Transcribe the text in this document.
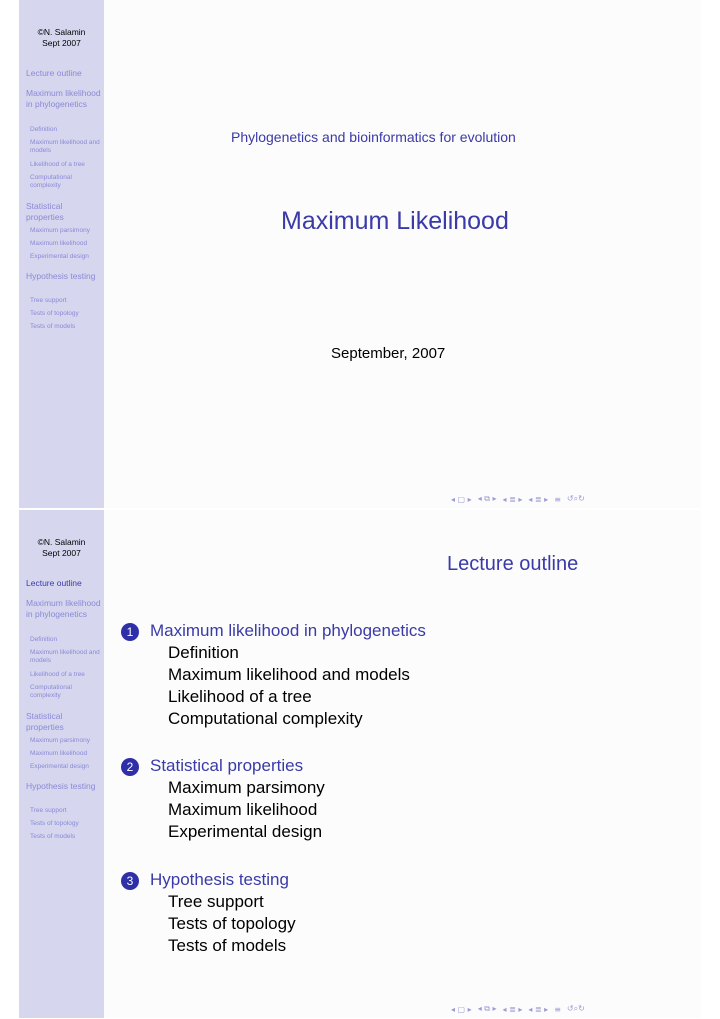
©N. Salamin
Sept 2007
Lecture outline
Maximum likelihood in phylogenetics
Definition
Maximum likelihood and models
Likelihood of a tree
Computational complexity
Statistical properties
Maximum parsimony
Maximum likelihood
Experimental design
Hypothesis testing
Tree support
Tests of topology
Tests of models
Phylogenetics and bioinformatics for evolution
Maximum Likelihood
September, 2007
◂ ▢ ▸ ◂ ⧉ ▸ ◂ ≣ ▸ ◂ ≣ ▸ ≡ ↺⌕↻
©N. Salamin
Sept 2007
Lecture outline
Maximum likelihood in phylogenetics
Definition
Maximum likelihood and models
Likelihood of a tree
Computational complexity
Statistical properties
Maximum parsimony
Maximum likelihood
Experimental design
Hypothesis testing
Tree support
Tests of topology
Tests of models
Lecture outline
1 Maximum likelihood in phylogenetics
Definition
Maximum likelihood and models
Likelihood of a tree
Computational complexity
2 Statistical properties
Maximum parsimony
Maximum likelihood
Experimental design
3 Hypothesis testing
Tree support
Tests of topology
Tests of models
◂ ▢ ▸ ◂ ⧉ ▸ ◂ ≣ ▸ ◂ ≣ ▸ ≡ ↺⌕↻
